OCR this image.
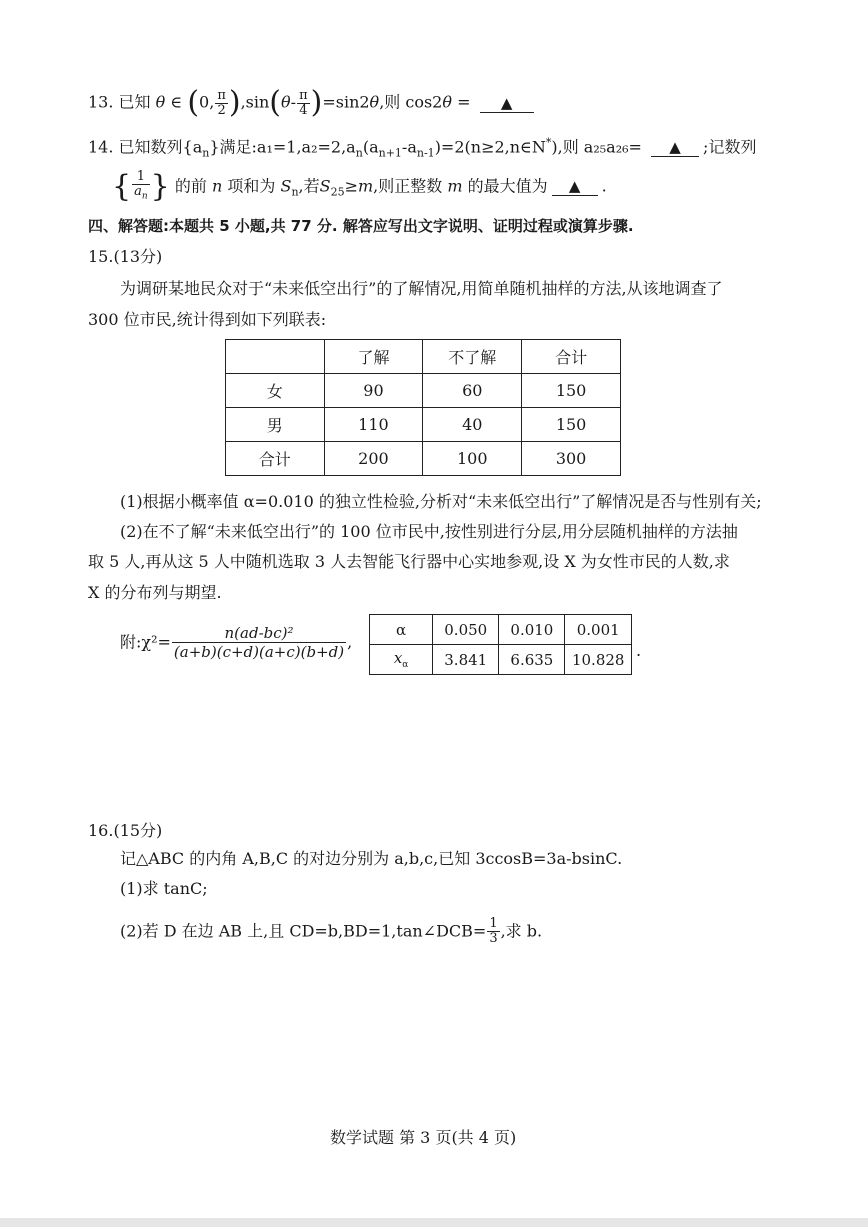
13. 已知 θ ∈ (0, $\frac{\pi}{2} ),\sin(\theta- \frac{\pi}{4} )=\sin 2\theta$,则 cos2θ = ▲
14. 已知数列$\{a_n\}$满足$:a_1=1,a_2=2,a_n(a_{n+1}-a_{n-1})=2(n\ge 2,n\in N^*)$,则 a₂₅a₂₆= ▲ ;记数列
{ $\frac{1}{a_n}$ } 的前 n 项和为 $S_n$,若$S_{25}\ge m$,则正整数 m 的最大值为 ▲ .
四、解答题:本题共 5 小题,共 77 分. 解答应写出文字说明、证明过程或演算步骤.
15.(13分)
为调研某地民众对于“未来低空出行”的了解情况,用简单随机抽样的方法,从该地调查了
300 位市民,统计得到如下列联表:
	了解	不了解	合计
女	90	60	150
男	110	40	150
合计	200	100	300
(1)根据小概率值 α=0.010 的独立性检验,分析对“未来低空出行”了解情况是否与性别有关;
(2)在不了解“未来低空出行”的 100 位市民中,按性别进行分层,用分层随机抽样的方法抽
取 5 人,再从这 5 人中随机选取 3 人去智能飞行器中心实地参观,设 X 为女性市民的人数,求
X 的分布列与期望.
附:χ²= $\frac{\text{n(ad-bc)²}}{(a+b)(c+d)(a+c)(b+d)}$ ,
α	0.050	0.010	0.001
$x_\alpha$	3.841	6.635	10.828 .
16.(15分)
记△ABC 的内角 A,B,C 的对边分别为 a,b,c,已知 3ccosB=3a-bsinC.
(1)求 tanC;
(2)若 D 在边 AB 上,且 CD=b,BD=1,tan∠DCB= $\frac{1}{3}$ ,求 b.
数学试题 第 3 页(共 4 页)
